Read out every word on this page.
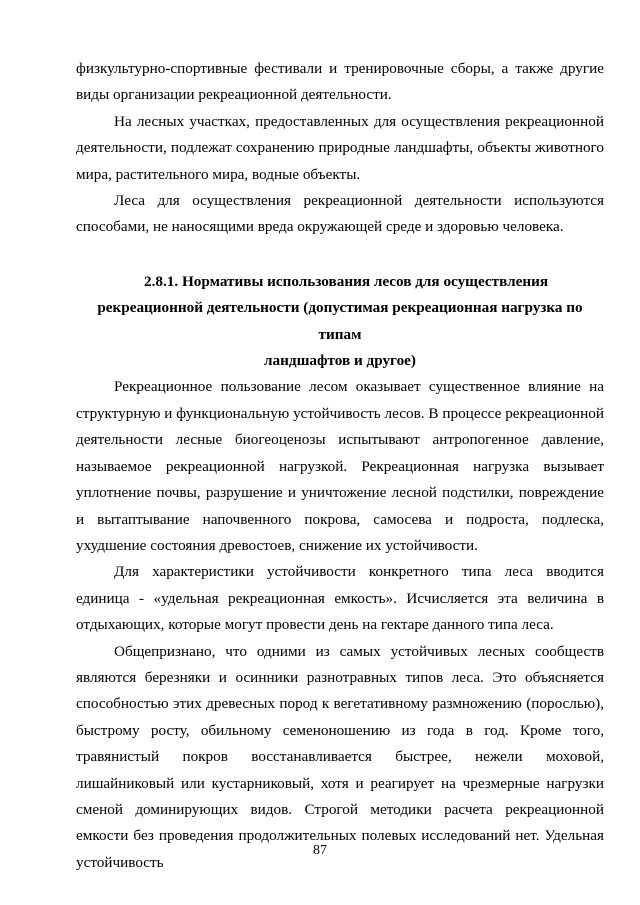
физкультурно-спортивные фестивали и тренировочные сборы, а также другие виды организации рекреационной деятельности.

На лесных участках, предоставленных для осуществления рекреационной деятельности, подлежат сохранению природные ландшафты, объекты животного мира, растительного мира, водные объекты.

Леса для осуществления рекреационной деятельности используются способами, не наносящими вреда окружающей среде и здоровью человека.

2.8.1. Нормативы использования лесов для осуществления
рекреационной деятельности (допустимая рекреационная нагрузка по типам
ландшафтов и другое)

Рекреационное пользование лесом оказывает существенное влияние на структурную и функциональную устойчивость лесов. В процессе рекреационной деятельности лесные биогеоценозы испытывают антропогенное давление, называемое рекреационной нагрузкой. Рекреационная нагрузка вызывает уплотнение почвы, разрушение и уничтожение лесной подстилки, повреждение и вытаптывание напочвенного покрова, самосева и подроста, подлеска, ухудшение состояния древостоев, снижение их устойчивости.

Для характеристики устойчивости конкретного типа леса вводится единица - «удельная рекреационная емкость». Исчисляется эта величина в отдыхающих, которые могут провести день на гектаре данного типа леса.

Общепризнано, что одними из самых устойчивых лесных сообществ являются березняки и осинники разнотравных типов леса. Это объясняется способностью этих древесных пород к вегетативному размножению (порослью), быстрому росту, обильному семеноношению из года в год. Кроме того, травянистый покров восстанавливается быстрее, нежели моховой, лишайниковый или кустарниковый, хотя и реагирует на чрезмерные нагрузки сменой доминирующих видов. Строгой методики расчета рекреационной емкости без проведения продолжительных полевых исследований нет. Удельная устойчивость

87
